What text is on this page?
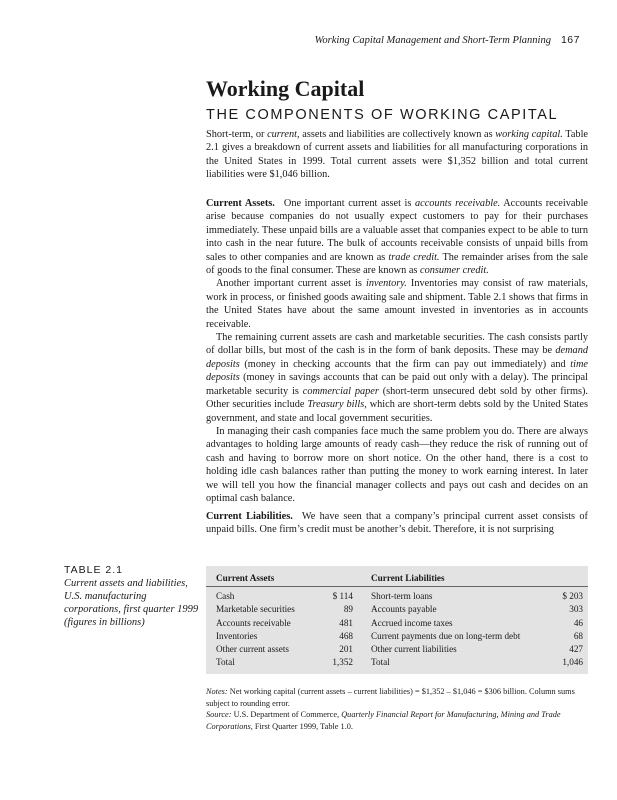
Working Capital Management and Short-Term Planning 167
Working Capital
THE COMPONENTS OF WORKING CAPITAL

Short-term, or current, assets and liabilities are collectively known as working capital. Table 2.1 gives a breakdown of current assets and liabilities for all manufacturing corporations in the United States in 1999. Total current assets were $1,352 billion and total current liabilities were $1,046 billion.

Current Assets. One important current asset is accounts receivable. Accounts receivable arise because companies do not usually expect customers to pay for their purchases immediately. These unpaid bills are a valuable asset that companies expect to be able to turn into cash in the near future. The bulk of accounts receivable consists of unpaid bills from sales to other companies and are known as trade credit. The remainder arises from the sale of goods to the final consumer. These are known as consumer credit.

Another important current asset is inventory. Inventories may consist of raw materials, work in process, or finished goods awaiting sale and shipment. Table 2.1 shows that firms in the United States have about the same amount invested in inventories as in accounts receivable.

The remaining current assets are cash and marketable securities. The cash consists partly of dollar bills, but most of the cash is in the form of bank deposits. These may be demand deposits (money in checking accounts that the firm can pay out immediately) and time deposits (money in savings accounts that can be paid out only with a delay). The principal marketable security is commercial paper (short-term unsecured debt sold by other firms). Other securities include Treasury bills, which are short-term debts sold by the United States government, and state and local government securities.

In managing their cash companies face much the same problem you do. There are always advantages to holding large amounts of ready cash—they reduce the risk of running out of cash and having to borrow more on short notice. On the other hand, there is a cost to holding idle cash balances rather than putting the money to work earning interest. In later we will tell you how the financial manager collects and pays out cash and decides on an optimal cash balance.

Current Liabilities. We have seen that a company’s principal current asset consists of unpaid bills. One firm’s credit must be another’s debit. Therefore, it is not surprising

TABLE 2.1
Current assets and liabilities, U.S. manufacturing corporations, first quarter 1999 (figures in billions)
Current Assets		Current Liabilities	

Cash	$ 114	Short-term loans	$ 203
Marketable securities	89	Accounts payable	303
Accounts receivable	481	Accrued income taxes	46
Inventories	468	Current payments due on long-term debt	68
Other current assets	201	Other current liabilities	427
Total	1,352	Total	1,046

Notes: Net working capital (current assets – current liabilities) = $1,352 – $1,046 = $306 billion. Column sums subject to rounding error.

Source: U.S. Department of Commerce, Quarterly Financial Report for Manufacturing, Mining and Trade Corporations, First Quarter 1999, Table 1.0.
